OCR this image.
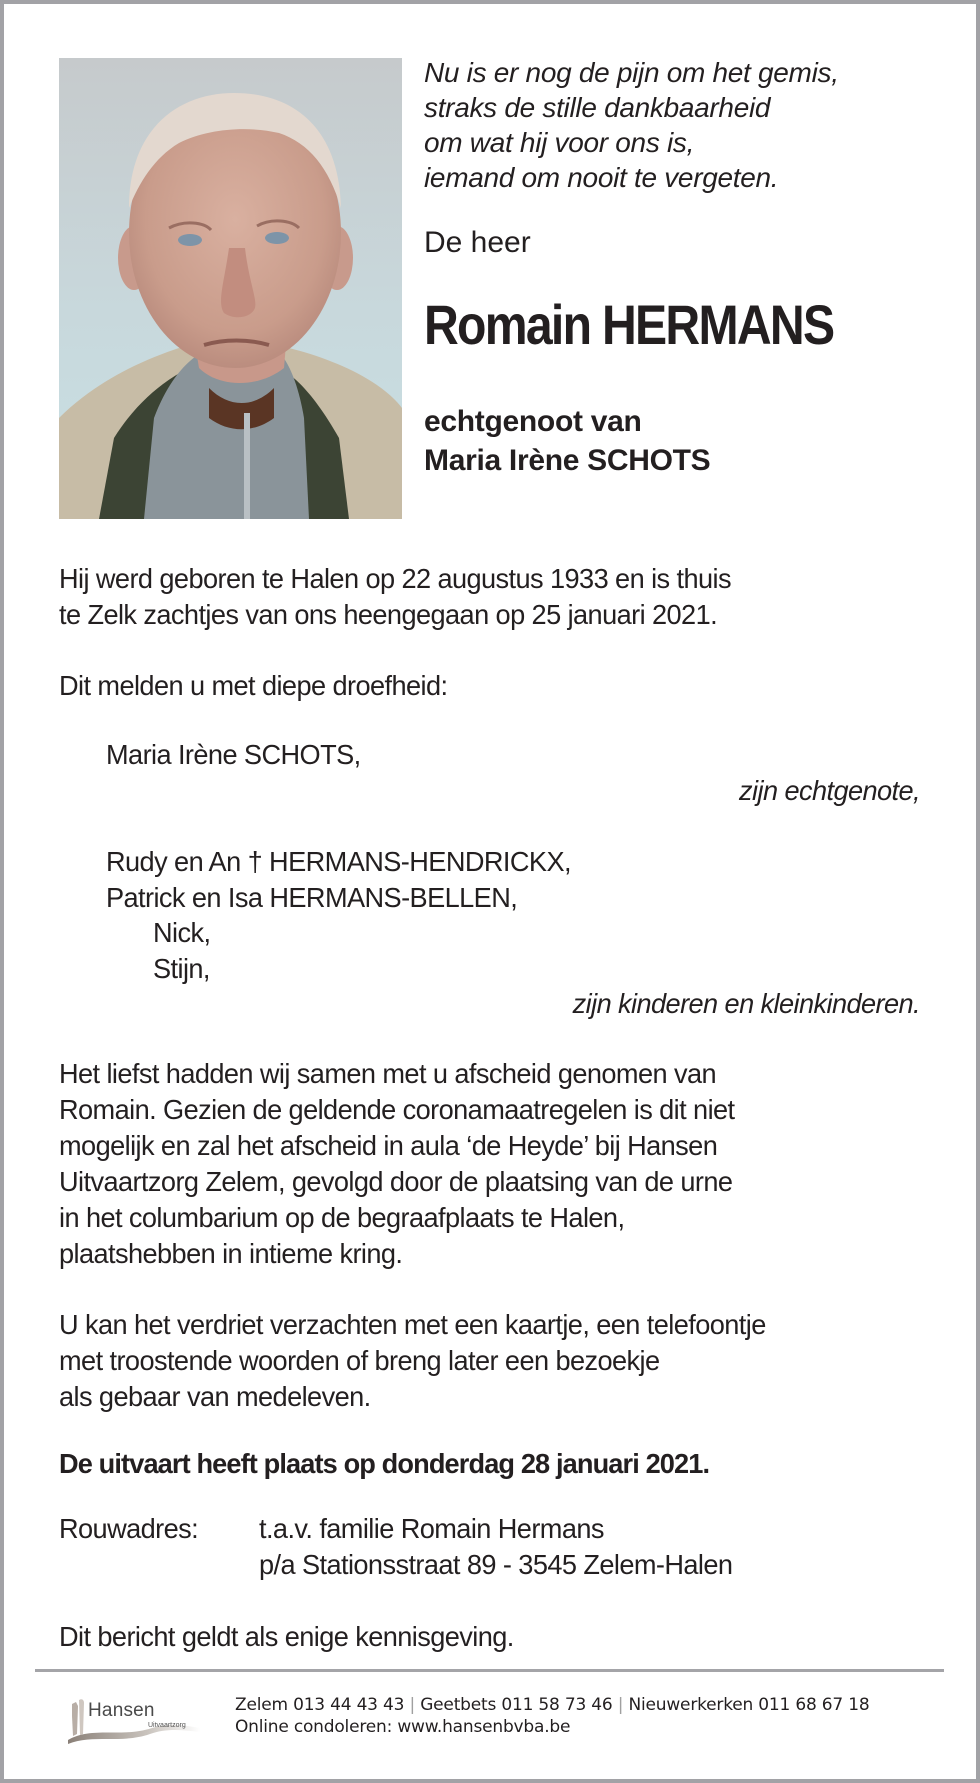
Nu is er nog de pijn om het gemis,
straks de stille dankbaarheid
om wat hij voor ons is,
iemand om nooit te vergeten.
De heer
Romain HERMANS
echtgenoot van
Maria Irène SCHOTS
Hij werd geboren te Halen op 22 augustus 1933 en is thuis
te Zelk zachtjes van ons heengegaan op 25 januari 2021.
Dit melden u met diepe droefheid:
Maria Irène SCHOTS,
zijn echtgenote,
Rudy en An † HERMANS-HENDRICKX,
Patrick en Isa HERMANS-BELLEN,
Nick,
Stijn,
zijn kinderen en kleinkinderen.
Het liefst hadden wij samen met u afscheid genomen van
Romain. Gezien de geldende coronamaatregelen is dit niet
mogelijk en zal het afscheid in aula ‘de Heyde’ bij Hansen
Uitvaartzorg Zelem, gevolgd door de plaatsing van de urne
in het columbarium op de begraafplaats te Halen,
plaatshebben in intieme kring.
U kan het verdriet verzachten met een kaartje, een telefoontje
met troostende woorden of breng later een bezoekje
als gebaar van medeleven.
De uitvaart heeft plaats op donderdag 28 januari 2021.
Rouwadres: t.a.v. familie Romain Hermans
p/a Stationsstraat 89 - 3545 Zelem-Halen
Dit bericht geldt als enige kennisgeving.
Hansen
Uitvaartzorg
Zelem 013 44 43 43 | Geetbets 011 58 73 46 | Nieuwerkerken 011 68 67 18
Online condoleren: www.hansenbvba.be
